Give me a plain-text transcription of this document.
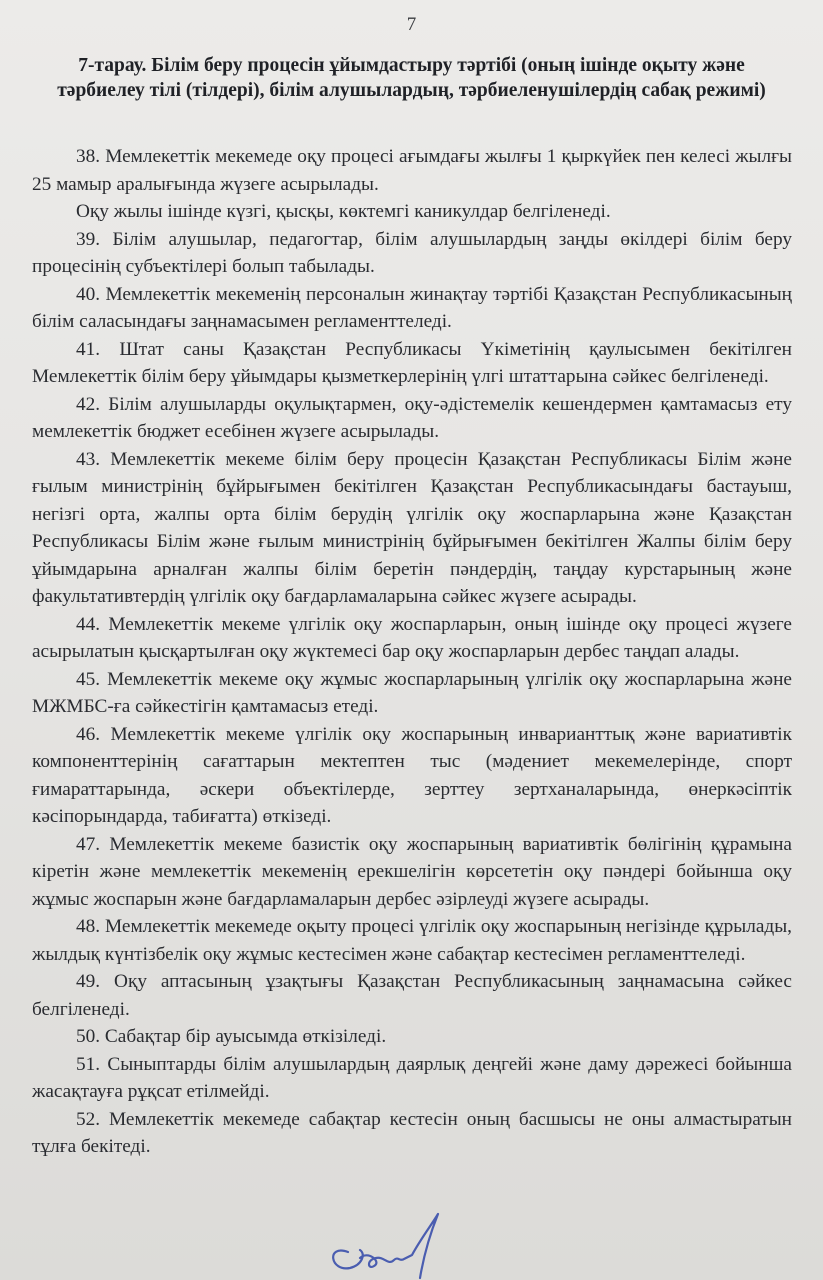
7
7-тарау. Білім беру процесін ұйымдастыру тәртібі (оның ішінде оқыту және тәрбиелеу тілі (тілдері), білім алушылардың, тәрбиеленушілердің сабақ режимі)

38. Мемлекеттік мекемеде оқу процесі ағымдағы жылғы 1 қыркүйек пен келесі жылғы 25 мамыр аралығында жүзеге асырылады.

Оқу жылы ішінде күзгі, қысқы, көктемгі каникулдар белгіленеді.

39. Білім алушылар, педагогтар, білім алушылардың заңды өкілдері білім беру процесінің субъектілері болып табылады.

40. Мемлекеттік мекеменің персоналын жинақтау тәртібі Қазақстан Республикасының білім саласындағы заңнамасымен регламенттеледі.

41. Штат саны Қазақстан Республикасы Үкіметінің қаулысымен бекітілген Мемлекеттік білім беру ұйымдары қызметкерлерінің үлгі штаттарына сәйкес белгіленеді.

42. Білім алушыларды оқулықтармен, оқу-әдістемелік кешендермен қамтамасыз ету мемлекеттік бюджет есебінен жүзеге асырылады.

43. Мемлекеттік мекеме білім беру процесін Қазақстан Республикасы Білім және ғылым министрінің бұйрығымен бекітілген Қазақстан Республикасындағы бастауыш, негізгі орта, жалпы орта білім берудің үлгілік оқу жоспарларына және Қазақстан Республикасы Білім және ғылым министрінің бұйрығымен бекітілген Жалпы білім беру ұйымдарына арналған жалпы білім беретін пәндердің, таңдау курстарының және факультативтердің үлгілік оқу бағдарламаларына сәйкес жүзеге асырады.

44. Мемлекеттік мекеме үлгілік оқу жоспарларын, оның ішінде оқу процесі жүзеге асырылатын қысқартылған оқу жүктемесі бар оқу жоспарларын дербес таңдап алады.

45. Мемлекеттік мекеме оқу жұмыс жоспарларының үлгілік оқу жоспарларына және МЖМБС-ға сәйкестігін қамтамасыз етеді.

46. Мемлекеттік мекеме үлгілік оқу жоспарының инварианттық және вариативтік компоненттерінің сағаттарын мектептен тыс (мәдениет мекемелерінде, спорт ғимараттарында, әскери объектілерде, зерттеу зертханаларында, өнеркәсіптік кәсіпорындарда, табиғатта) өткізеді.

47. Мемлекеттік мекеме базистік оқу жоспарының вариативтік бөлігінің құрамына кіретін және мемлекеттік мекеменің ерекшелігін көрсететін оқу пәндері бойынша оқу жұмыс жоспарын және бағдарламаларын дербес әзірлеуді жүзеге асырады.

48. Мемлекеттік мекемеде оқыту процесі үлгілік оқу жоспарының негізінде құрылады, жылдық күнтізбелік оқу жұмыс кестесімен және сабақтар кестесімен регламенттеледі.

49. Оқу аптасының ұзақтығы Қазақстан Республикасының заңнамасына сәйкес белгіленеді.

50. Сабақтар бір ауысымда өткізіледі.

51. Сыныптарды білім алушылардың даярлық деңгейі және даму дәрежесі бойынша жасақтауға рұқсат етілмейді.

52. Мемлекеттік мекемеде сабақтар кестесін оның басшысы не оны алмастыратын тұлға бекітеді.
